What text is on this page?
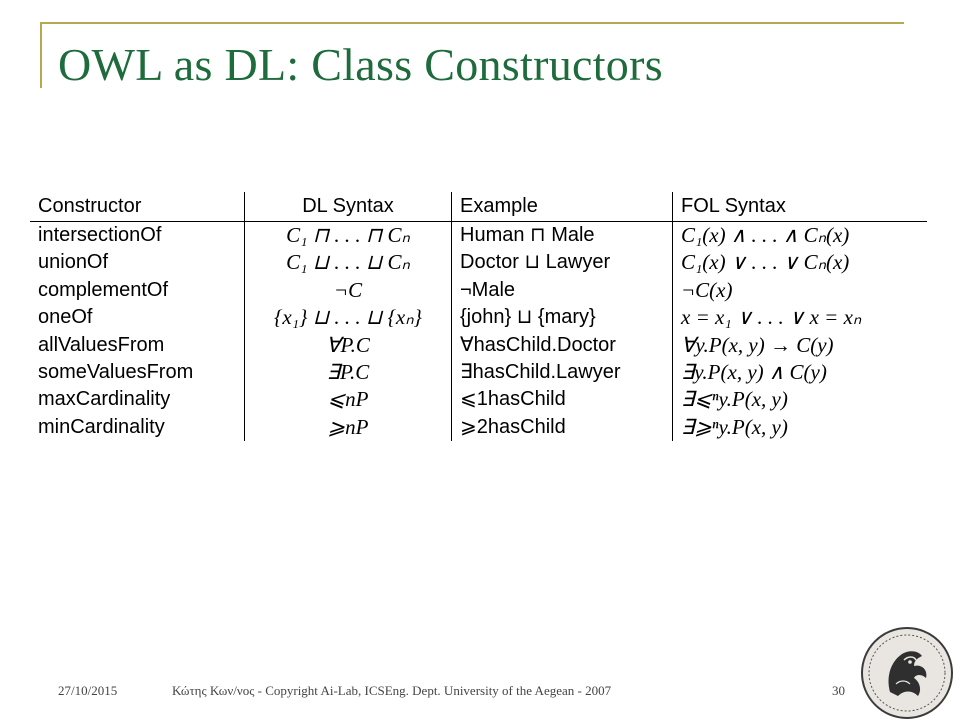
OWL as DL: Class Constructors
Constructor	DL Syntax	Example	FOL Syntax
intersectionOf	C₁ ⊓ . . . ⊓ Cₙ	Human ⊓ Male	C₁(x) ∧ . . . ∧ Cₙ(x)
unionOf	C₁ ⊔ . . . ⊔ Cₙ	Doctor ⊔ Lawyer	C₁(x) ∨ . . . ∨ Cₙ(x)
complementOf	¬C	¬Male	¬C(x)
oneOf	{x₁} ⊔ . . . ⊔ {xₙ}	{john} ⊔ {mary}	x = x₁ ∨ . . . ∨ x = xₙ
allValuesFrom	∀P.C	∀hasChild.Doctor	∀y.P(x, y) → C(y)
someValuesFrom	∃P.C	∃hasChild.Lawyer	∃y.P(x, y) ∧ C(y)
maxCardinality	⩽nP	⩽1hasChild	∃⩽ⁿy.P(x, y)
minCardinality	⩾nP	⩾2hasChild	∃⩾ⁿy.P(x, y)
27/10/2015	Κώτης Κων/νος - Copyright Ai-Lab, ICSEng. Dept. University of the Aegean - 2007	30
